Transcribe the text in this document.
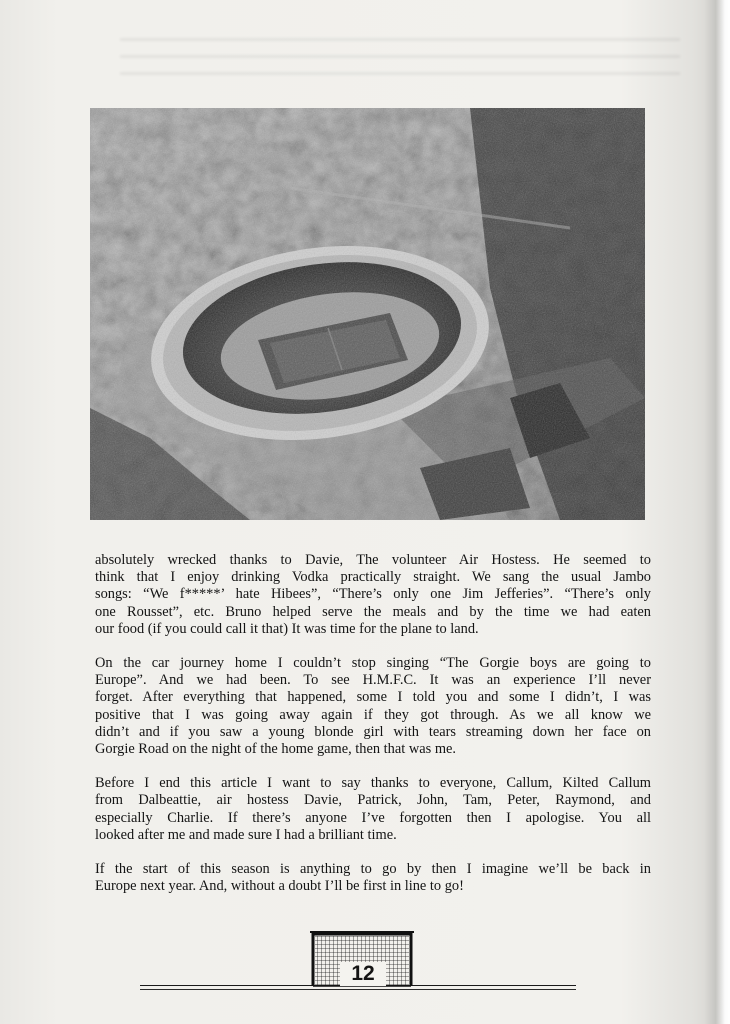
absolutely wrecked thanks to Davie, The volunteer Air Hostess. He seemed to
think that I enjoy drinking Vodka practically straight. We sang the usual Jambo
songs: “We f*****’ hate Hibees”, “There’s only one Jim Jefferies”. “There’s only
one Rousset”, etc. Bruno helped serve the meals and by the time we had eaten
our food (if you could call it that) It was time for the plane to land.

On the car journey home I couldn’t stop singing “The Gorgie boys are going to
Europe”. And we had been. To see H.M.F.C. It was an experience I’ll never
forget. After everything that happened, some I told you and some I didn’t, I was
positive that I was going away again if they got through. As we all know we
didn’t and if you saw a young blonde girl with tears streaming down her face on
Gorgie Road on the night of the home game, then that was me.

Before I end this article I want to say thanks to everyone, Callum, Kilted Callum
from Dalbeattie, air hostess Davie, Patrick, John, Tam, Peter, Raymond, and
especially Charlie. If there’s anyone I’ve forgotten then I apologise. You all
looked after me and made sure I had a brilliant time.

If the start of this season is anything to go by then I imagine we’ll be back in
Europe next year. And, without a doubt I’ll be first in line to go!

12
